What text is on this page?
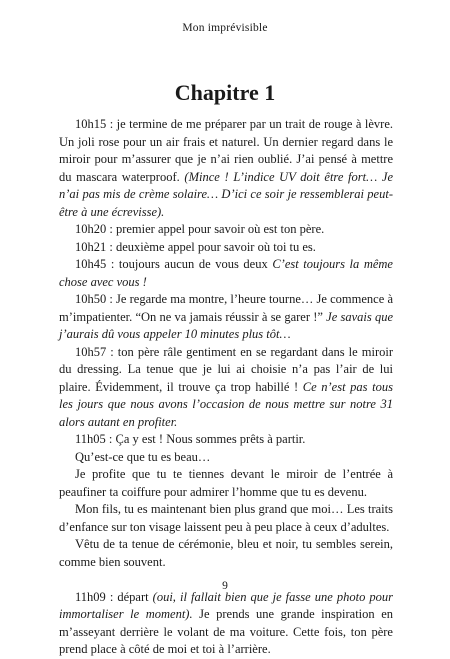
Mon imprévisible
Chapitre 1

10h15 : je termine de me préparer par un trait de rouge à lèvre. Un joli rose pour un air frais et naturel. Un dernier regard dans le miroir pour m’assurer que je n’ai rien oublié. J’ai pensé à mettre du mascara waterproof. (Mince ! L’indice UV doit être fort… Je n’ai pas mis de crème solaire… D’ici ce soir je ressemblerai peut-être à une écrevisse).

10h20 : premier appel pour savoir où est ton père.

10h21 : deuxième appel pour savoir où toi tu es.

10h45 : toujours aucun de vous deux C’est toujours la même chose avec vous !

10h50 : Je regarde ma montre, l’heure tourne… Je commence à m’impatienter. “On ne va jamais réussir à se garer !” Je savais que j’aurais dû vous appeler 10 minutes plus tôt…

10h57 : ton père râle gentiment en se regardant dans le miroir du dressing. La tenue que je lui ai choisie n’a pas l’air de lui plaire. Évidemment, il trouve ça trop habillé ! Ce n’est pas tous les jours que nous avons l’occasion de nous mettre sur notre 31 alors autant en profiter.

11h05 : Ça y est ! Nous sommes prêts à partir.

Qu’est-ce que tu es beau…

Je profite que tu te tiennes devant le miroir de l’entrée à peaufiner ta coiffure pour admirer l’homme que tu es devenu.

Mon fils, tu es maintenant bien plus grand que moi… Les traits d’enfance sur ton visage laissent peu à peu place à ceux d’adultes.

Vêtu de ta tenue de cérémonie, bleu et noir, tu sembles serein, comme bien souvent.

11h09 : départ (oui, il fallait bien que je fasse une photo pour immortaliser le moment). Je prends une grande inspiration en m’asseyant derrière le volant de ma voiture. Cette fois, ton père prend place à côté de moi et toi à l’arrière.

9
